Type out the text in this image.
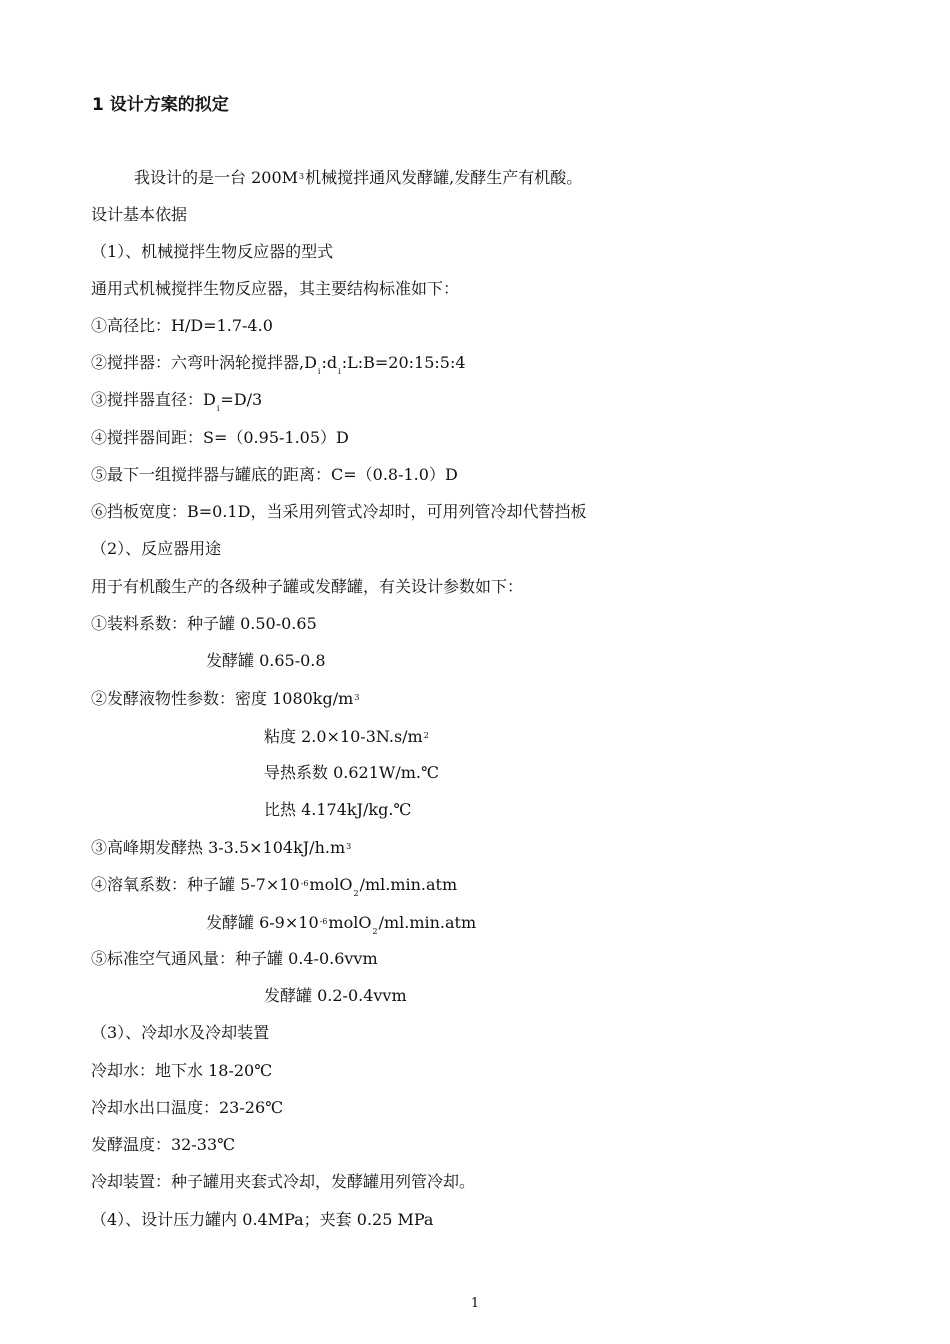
1 设计方案的拟定
我设计的是一台 $200M^3$机械搅拌通风发酵罐,发酵生产有机酸。
设计基本依据
（1）、机械搅拌生物反应器的型式
通用式机械搅拌生物反应器，其主要结构标准如下：
①高径比：H/D=1.7-4.0
②搅拌器：六弯叶涡轮搅拌器$,D_i:d_i:L:B=20:15:5:4$
③搅拌器直径：$D_i=D/3$
④搅拌器间距：S=（0.95-1.05）D
⑤最下一组搅拌器与罐底的距离：C=（0.8-1.0）D
⑥挡板宽度：B=0.1D，当采用列管式冷却时，可用列管冷却代替挡板
（2）、反应器用途
用于有机酸生产的各级种子罐或发酵罐，有关设计参数如下：
①装料系数：种子罐 0.50-0.65
发酵罐 0.65-0.8
②发酵液物性参数：密度 $1080kg/m^3$
粘度 $2.0\times 10-3N.s/m^2$
导热系数 0.621W/m.℃
比热 4.174kJ/kg.℃
③高峰期发酵热 $3-3.5\times 104kJ/h.m^3$
④溶氧系数：种子罐 $5-7\times 10^{-6}molO_2/ml.\min.atm$
发酵罐 $6-9\times 10^{-6}molO_2/ml.\min.atm$
⑤标准空气通风量：种子罐 0.4-0.6vvm
发酵罐 0.2-0.4vvm
（3）、冷却水及冷却装置
冷却水：地下水 18-20℃
冷却水出口温度：23-26℃
发酵温度：32-33℃
冷却装置：种子罐用夹套式冷却，发酵罐用列管冷却。
（4）、设计压力罐内 0.4MPa；夹套 0.25 MPa
1
